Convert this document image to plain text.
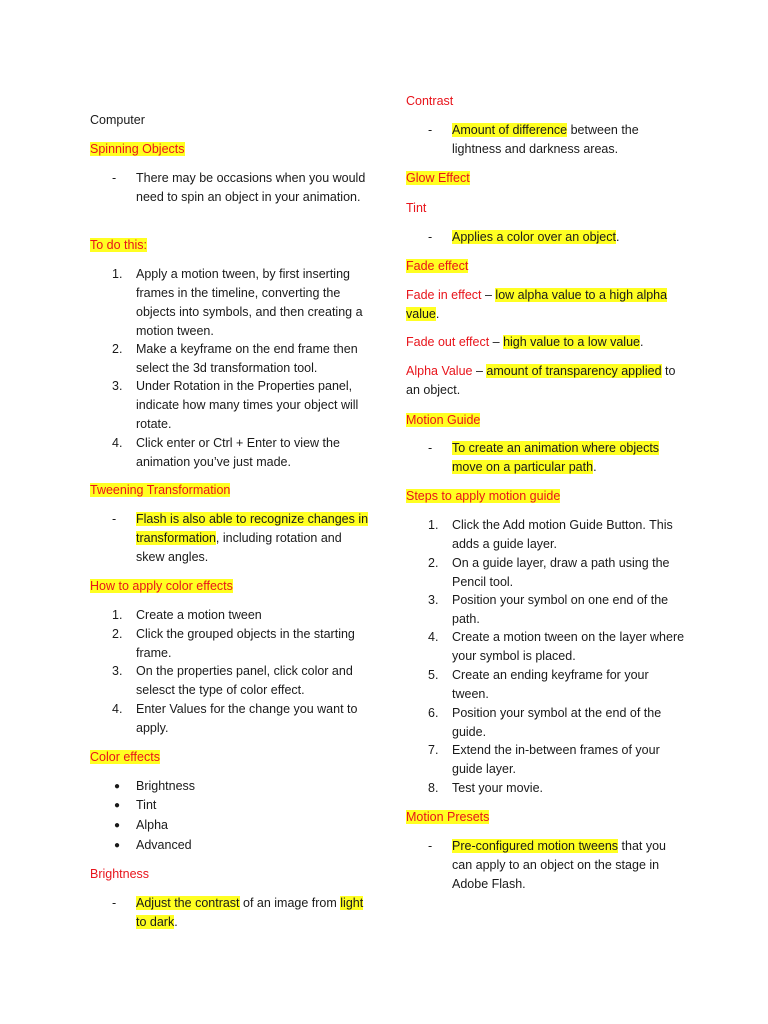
Computer
Spinning Objects
-	There may be occasions when you would need to spin an object in your animation.
To do this:
1.	Apply a motion tween, by first inserting frames in the timeline, converting the objects into symbols, and then creating a motion tween.
2.	Make a keyframe on the end frame then select the 3d transformation tool.
3.	Under Rotation in the Properties panel, indicate how many times your object will rotate.
4.	Click enter or Ctrl + Enter to view the animation you’ve just made.
Tweening Transformation
-	Flash is also able to recognize changes in transformation, including rotation and skew angles.
How to apply color effects
1.	Create a motion tween
2.	Click the grouped objects in the starting frame.
3.	On the properties panel, click color and selesct the type of color effect.
4.	Enter Values for the change you want to apply.
Color effects
● Brightness
● Tint
● Alpha
● Advanced
Brightness
-	Adjust the contrast of an image from light to dark.
Contrast
-	Amount of difference between the lightness and darkness areas.
Glow Effect
Tint
-	Applies a color over an object.
Fade effect
Fade in effect – low alpha value to a high alpha value.
Fade out effect – high value to a low value.
Alpha Value – amount of transparency applied to an object.
Motion Guide
-	To create an animation where objects move on a particular path.
Steps to apply motion guide
1.	Click the Add motion Guide Button. This adds a guide layer.
2.	On a guide layer, draw a path using the Pencil tool.
3.	Position your symbol on one end of the path.
4.	Create a motion tween on the layer where your symbol is placed.
5.	Create an ending keyframe for your tween.
6.	Position your symbol at the end of the guide.
7.	Extend the in-between frames of your guide layer.
8.	Test your movie.
Motion Presets
-	Pre-configured motion tweens that you can apply to an object on the stage in Adobe Flash.
